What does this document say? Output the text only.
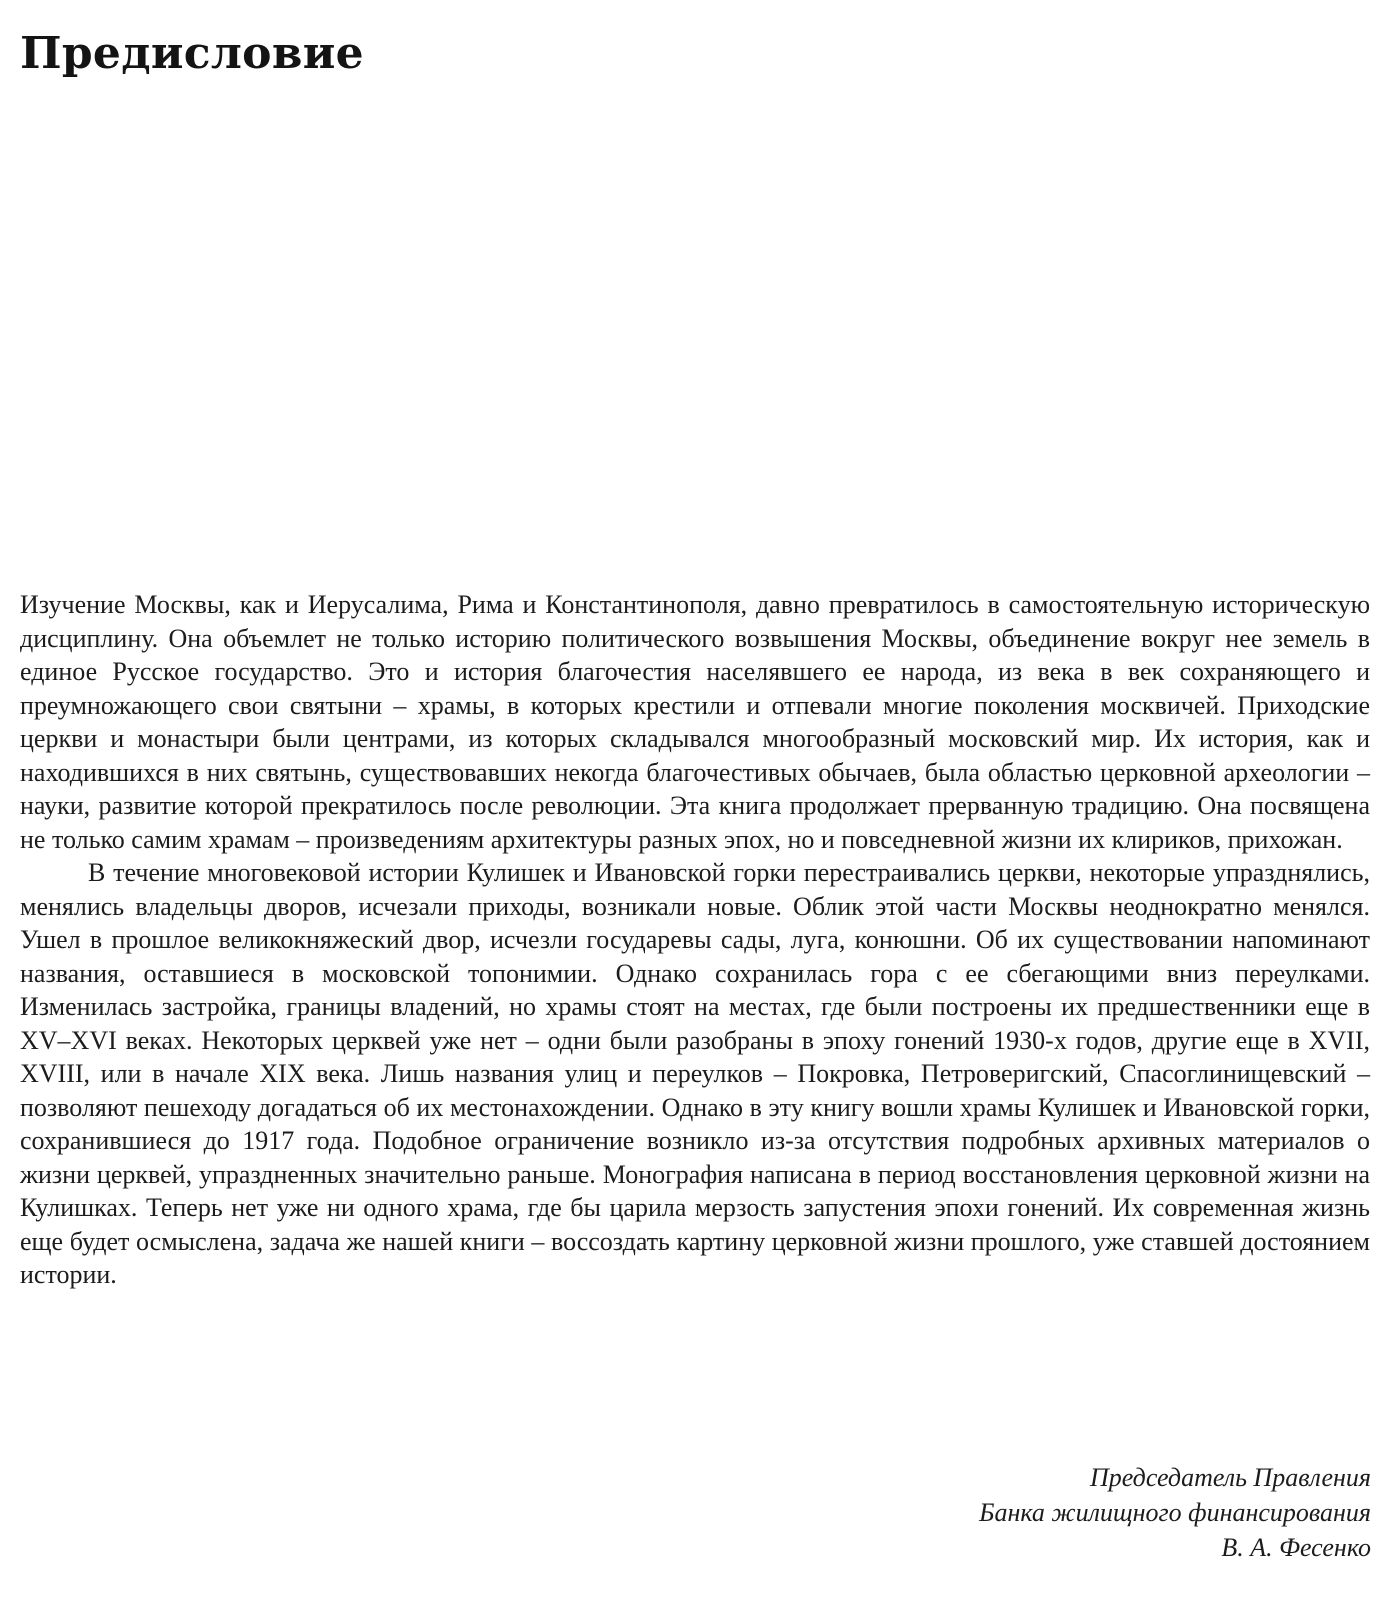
Предисловие

Изучение Москвы, как и Иерусалима, Рима и Константинополя, давно превратилось в самостоятельную историческую дисциплину. Она объемлет не только историю политического возвышения Москвы, объединение вокруг нее земель в единое Русское государство. Это и история благочестия населявшего ее народа, из века в век сохраняющего и преумножающего свои святыни – храмы, в которых крестили и отпевали многие поколения москвичей. Приходские церкви и монастыри были центрами, из которых складывался многообразный московский мир. Их история, как и находившихся в них святынь, существовавших некогда благочестивых обычаев, была областью церковной археологии – науки, развитие которой прекратилось после революции. Эта книга продолжает прерванную традицию. Она посвящена не только самим храмам – произведениям архитектуры разных эпох, но и повседневной жизни их клириков, прихожан.

В течение многовековой истории Кулишек и Ивановской горки перестраивались церкви, некоторые упразднялись, менялись владельцы дворов, исчезали приходы, возникали новые. Облик этой части Москвы неоднократно менялся. Ушел в прошлое великокняжеский двор, исчезли государевы сады, луга, конюшни. Об их существовании напоминают названия, оставшиеся в московской топонимии. Однако сохранилась гора с ее сбегающими вниз переулками. Изменилась застройка, границы владений, но храмы стоят на местах, где были построены их предшественники еще в XV–XVI веках. Некоторых церквей уже нет – одни были разобраны в эпоху гонений 1930-х годов, другие еще в XVII, XVIII, или в начале XIX века. Лишь названия улиц и переулков – Покровка, Петроверигский, Спасоглинищевский – позволяют пешеходу догадаться об их местонахождении. Однако в эту книгу вошли храмы Кулишек и Ивановской горки, сохранившиеся до 1917 года. Подобное ограничение возникло из-за отсутствия подробных архивных материалов о жизни церквей, упраздненных значительно раньше. Монография написана в период восстановления церковной жизни на Кулишках. Теперь нет уже ни одного храма, где бы царила мерзость запустения эпохи гонений. Их современная жизнь еще будет осмыслена, задача же нашей книги – воссоздать картину церковной жизни прошлого, уже ставшей достоянием истории.

Председатель Правления
Банка жилищного финансирования
В. А. Фесенко
